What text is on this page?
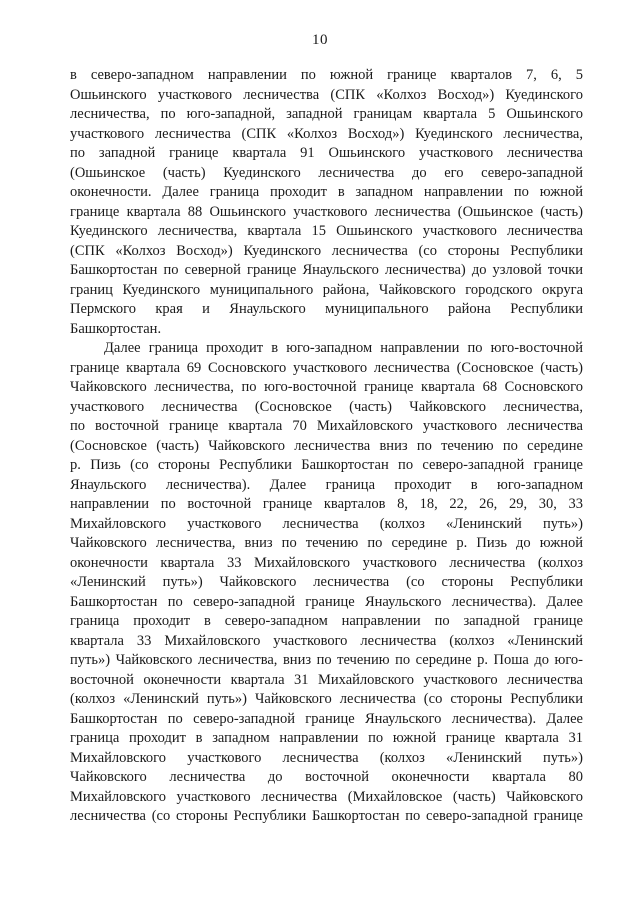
10

в северо-западном направлении по южной границе кварталов 7, 6, 5
Ошьинского участкового лесничества (СПК «Колхоз Восход») Куединского
лесничества, по юго-западной, западной границам квартала 5 Ошьинского
участкового лесничества (СПК «Колхоз Восход») Куединского лесничества,
по западной границе квартала 91 Ошьинского участкового лесничества
(Ошьинское (часть) Куединского лесничества до его северо-западной
оконечности. Далее граница проходит в западном направлении по южной
границе квартала 88 Ошьинского участкового лесничества (Ошьинское (часть)
Куединского лесничества, квартала 15 Ошьинского участкового лесничества
(СПК «Колхоз Восход») Куединского лесничества (со стороны Республики
Башкортостан по северной границе Янаульского лесничества) до узловой точки
границ Куединского муниципального района, Чайковского городского округа
Пермского края и Янаульского муниципального района Республики
Башкортостан.

Далее граница проходит в юго-западном направлении по юго-восточной
границе квартала 69 Сосновского участкового лесничества (Сосновское (часть)
Чайковского лесничества, по юго-восточной границе квартала 68 Сосновского
участкового лесничества (Сосновское (часть) Чайковского лесничества,
по восточной границе квартала 70 Михайловского участкового лесничества
(Сосновское (часть) Чайковского лесничества вниз по течению по середине
р. Пизь (со стороны Республики Башкортостан по северо-западной границе
Янаульского лесничества). Далее граница проходит в юго-западном
направлении по восточной границе кварталов 8, 18, 22, 26, 29, 30, 33
Михайловского участкового лесничества (колхоз «Ленинский путь»)
Чайковского лесничества, вниз по течению по середине р. Пизь до южной
оконечности квартала 33 Михайловского участкового лесничества (колхоз
«Ленинский путь») Чайковского лесничества (со стороны Республики
Башкортостан по северо-западной границе Янаульского лесничества). Далее
граница проходит в северо-западном направлении по западной границе
квартала 33 Михайловского участкового лесничества (колхоз «Ленинский
путь») Чайковского лесничества, вниз по течению по середине р. Поша до юго-
восточной оконечности квартала 31 Михайловского участкового лесничества
(колхоз «Ленинский путь») Чайковского лесничества (со стороны Республики
Башкортостан по северо-западной границе Янаульского лесничества). Далее
граница проходит в западном направлении по южной границе квартала 31
Михайловского участкового лесничества (колхоз «Ленинский путь»)
Чайковского лесничества до восточной оконечности квартала 80
Михайловского участкового лесничества (Михайловское (часть) Чайковского
лесничества (со стороны Республики Башкортостан по северо-западной границе
